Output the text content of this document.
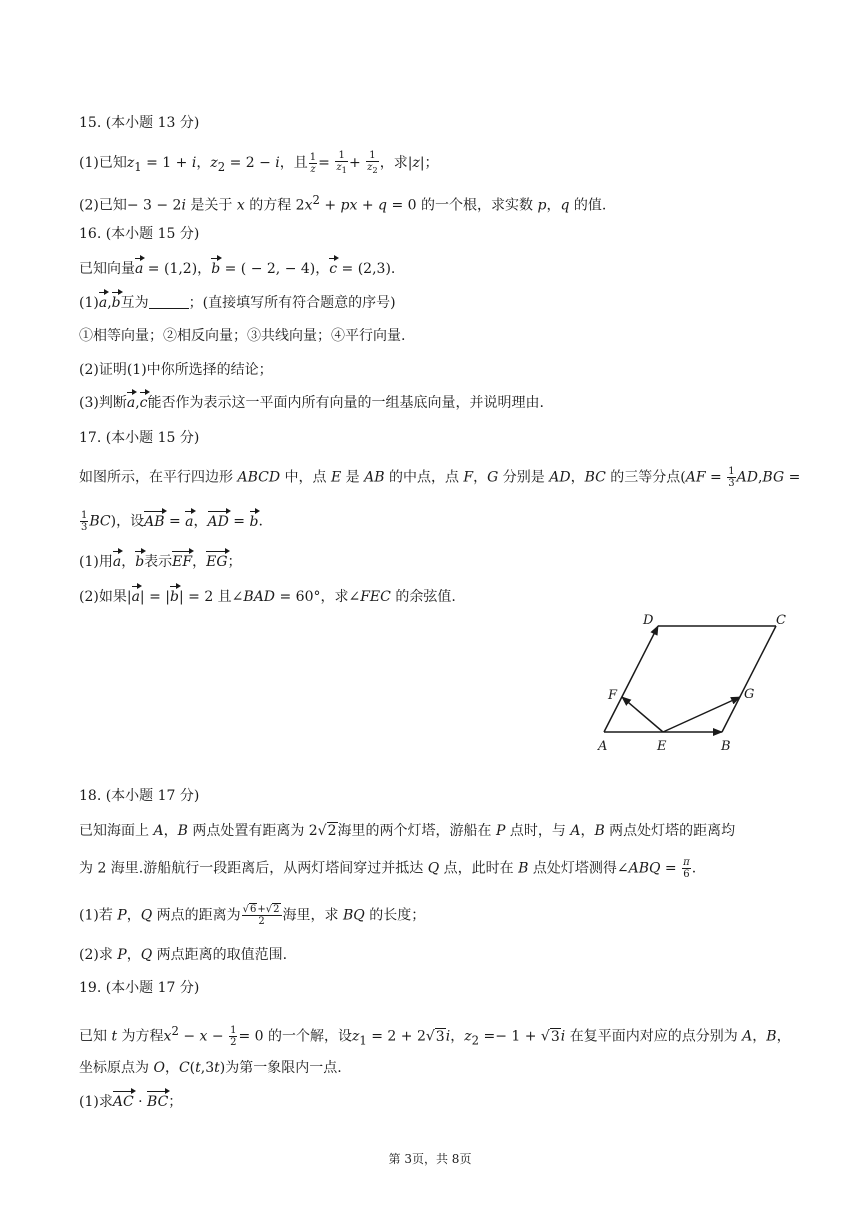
15. (本小题 13 分)
(1)已知$z_1 = 1 + i$，$z_2 = 2 - i$，且 $\frac{1}{z} = \frac{1}{z_1} + \frac{1}{z_2}$ ，求|z|；
(2)已知− 3 − 2i 是关于 x 的方程 $2x^2$ + px + q = 0 的一个根，求实数 p，q 的值.
16. (本小题 15 分)
已知向量a = (1,2)，b = ( − 2, − 4)，c = (2,3).
(1)a,b互为	；(直接填写所有符合题意的序号)
①相等向量；②相反向量；③共线向量；④平行向量.
(2)证明(1)中你所选择的结论；
(3)判断a,c能否作为表示这一平面内所有向量的一组基底向量，并说明理由.
17. (本小题 15 分)
如图所示，在平行四边形 ABCD 中，点 E 是 AB 的中点，点 F，G 分别是 AD，BC 的三等分点($AF = \frac{1}{3} AD,BG$ =
$\frac{1}{3} BC$)，设AB = a，AD = b.
(1)用a，b表示EF，EG；
(2)如果|a| = |b| = 2 且∠BAD = 60°，求∠FEC 的余弦值.
D	C
F	G
A	E	B
18. (本小题 17 分)
已知海面上 A，B 两点处置有距离为 2√2海里的两个灯塔，游船在 P 点时，与 A，B 两点处灯塔的距离均
为 2 海里.游船航行一段距离后，从两灯塔间穿过并抵达 Q 点，此时在 B 点处灯塔测得∠ABQ = $\frac{\pi}{6}$ .
(1)若 P，Q 两点的距离为 $\frac{√6+√2}{2}$ 海里，求 BQ 的长度；
(2)求 P，Q 两点距离的取值范围.
19. (本小题 17 分)
已知 t 为方程$x^2 - x - \frac{1}{2} = 0$ 的一个解，设$z_1 = 2 + 2√3i$，$z_2 =- 1 + √3i$ 在复平面内对应的点分别为 A，B，
坐标原点为 O，C(t,3t)为第一象限内一点.
(1)求AC · BC；
第 3页，共 8页
